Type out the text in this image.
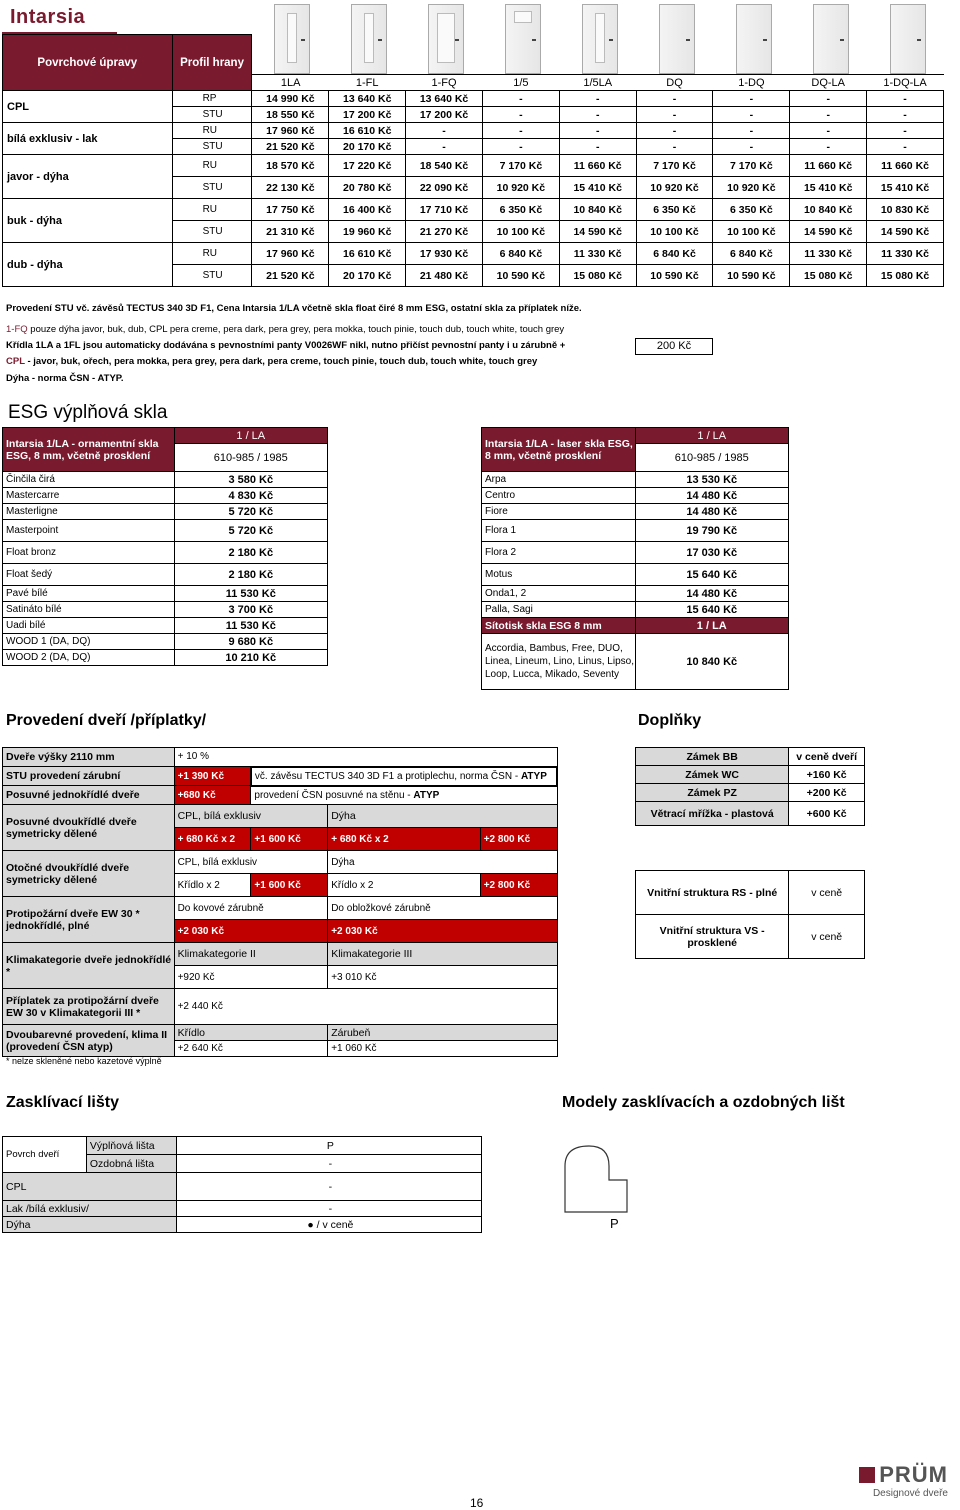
Intarsia
Povrchové úpravy	Profil hrany									
		1LA	1-FL	1-FQ	1/5	1/5LA	DQ	1-DQ	DQ-LA	1-DQ-LA
CPL	RP	14 990 Kč	13 640 Kč	13 640 Kč	-	-	-	-	-	-
	STU	18 550 Kč	17 200 Kč	17 200 Kč	-	-	-	-	-	-
bílá exklusiv - lak	RU	17 960 Kč	16 610 Kč	-	-	-	-	-	-	-
	STU	21 520 Kč	20 170 Kč	-	-	-	-	-	-	-
javor - dýha	RU	18 570 Kč	17 220 Kč	18 540 Kč	7 170 Kč	11 660 Kč	7 170 Kč	7 170 Kč	11 660 Kč	11 660 Kč
	STU	22 130 Kč	20 780 Kč	22 090 Kč	10 920 Kč	15 410 Kč	10 920 Kč	10 920 Kč	15 410 Kč	15 410 Kč
buk - dýha	RU	17 750 Kč	16 400 Kč	17 710 Kč	6 350 Kč	10 840 Kč	6 350 Kč	6 350 Kč	10 840 Kč	10 830 Kč
	STU	21 310 Kč	19 960 Kč	21 270 Kč	10 100 Kč	14 590 Kč	10 100 Kč	10 100 Kč	14 590 Kč	14 590 Kč
dub - dýha	RU	17 960 Kč	16 610 Kč	17 930 Kč	6 840 Kč	11 330 Kč	6 840 Kč	6 840 Kč	11 330 Kč	11 330 Kč
	STU	21 520 Kč	20 170 Kč	21 480 Kč	10 590 Kč	15 080 Kč	10 590 Kč	10 590 Kč	15 080 Kč	15 080 Kč
Provedení STU vč. závěsů TECTUS 340 3D F1, Cena Intarsia 1/LA včetně skla float čiré 8 mm ESG, ostatní skla za příplatek níže.
1-FQ pouze dýha javor, buk, dub, CPL pera creme, pera dark, pera grey, pera mokka, touch pinie, touch dub, touch white, touch grey
Křídla 1LA a 1FL jsou automaticky dodávána s pevnostními panty V0026WF nikl, nutno přičíst pevnostní panty i u zárubně +	200 Kč
CPL - javor, buk, ořech, pera mokka, pera grey, pera dark, pera creme, touch pinie, touch dub, touch white, touch grey
Dýha - norma ČSN - ATYP.
ESG výplňová skla
Intarsia 1/LA - ornamentní skla
ESG, 8 mm, včetně prosklení	1 / LA
	610-985 / 1985
Činčila čirá	3 580 Kč
Mastercarre	4 830 Kč
Masterligne	5 720 Kč
Masterpoint	5 720 Kč
Float bronz	2 180 Kč
Float šedý	2 180 Kč
Pavé bílé	11 530 Kč
Satináto bílé	3 700 Kč
Uadi bílé	11 530 Kč
WOOD 1 (DA, DQ)	9 680 Kč
WOOD 2 (DA, DQ)	10 210 Kč
Intarsia 1/LA - laser skla ESG, 8 mm, včetně prosklení	1 / LA
	610-985 / 1985
Arpa	13 530 Kč
Centro	14 480 Kč
Fiore	14 480 Kč
Flora 1	19 790 Kč
Flora 2	17 030 Kč
Motus	15 640 Kč
Onda1, 2	14 480 Kč
Palla, Sagi	15 640 Kč
Sítotisk skla ESG 8 mm	1 / LA
Accordia, Bambus, Free, DUO, Linea, Lineum, Lino, Linus, Lipso, Loop, Lucca, Mikado, Seventy	10 840 Kč
Provedení dveří /příplatky/
Dveře výšky 2110 mm	+ 10 %			
STU provedení zárubní	+1 390 Kč	vč. závěsu TECTUS 340 3D F1 a protiplechu, norma ČSN - ATYP		
Posuvné jednokřídlé dveře	+680 Kč	provedení ČSN posuvné na stěnu - ATYP		
Posuvné dvoukřídlé dveře symetricky dělené	CPL, bílá exklusiv		Dýha	
	+ 680 Kč x 2	+1 600 Kč	+ 680 Kč x 2	+2 800 Kč
Otočné dvoukřídlé dveře symetricky dělené	CPL, bílá exklusiv		Dýha	
	Křídlo x 2	+1 600 Kč	Křídlo x 2	+2 800 Kč
Protipožární dveře EW 30 * jednokřídlé, plné	Do kovové zárubně		Do obložkové zárubně	
	+2 030 Kč		+2 030 Kč	
Klimakategorie dveře jednokřídlé *	Klimakategorie II		Klimakategorie III	
	+920 Kč		+3 010 Kč	
Příplatek za protipožární dveře EW 30 v Klimakategorii III *	+2 440 Kč			
Dvoubarevné provedení, klima II (provedení ČSN atyp)	Křídlo		Zárubeň	
	+2 640 Kč		+1 060 Kč	
* nelze skleněné nebo kazetové výplně
Doplňky
Zámek BB	v ceně dveří
Zámek WC	+160 Kč
Zámek PZ	+200 Kč
Větrací mřížka - plastová	+600 Kč
Vnitřní struktura RS - plné	v ceně
Vnitřní struktura VS - prosklené	v ceně
Zasklívací lišty	Modely zasklívacích a ozdobných lišt
Povrch dveří	Výplňová lišta	P
	Ozdobná lišta	-
CPL		-
Lak /bílá exklusiv/		-
Dýha		● / v ceně	P
16
PRÜM
Designové dveře
